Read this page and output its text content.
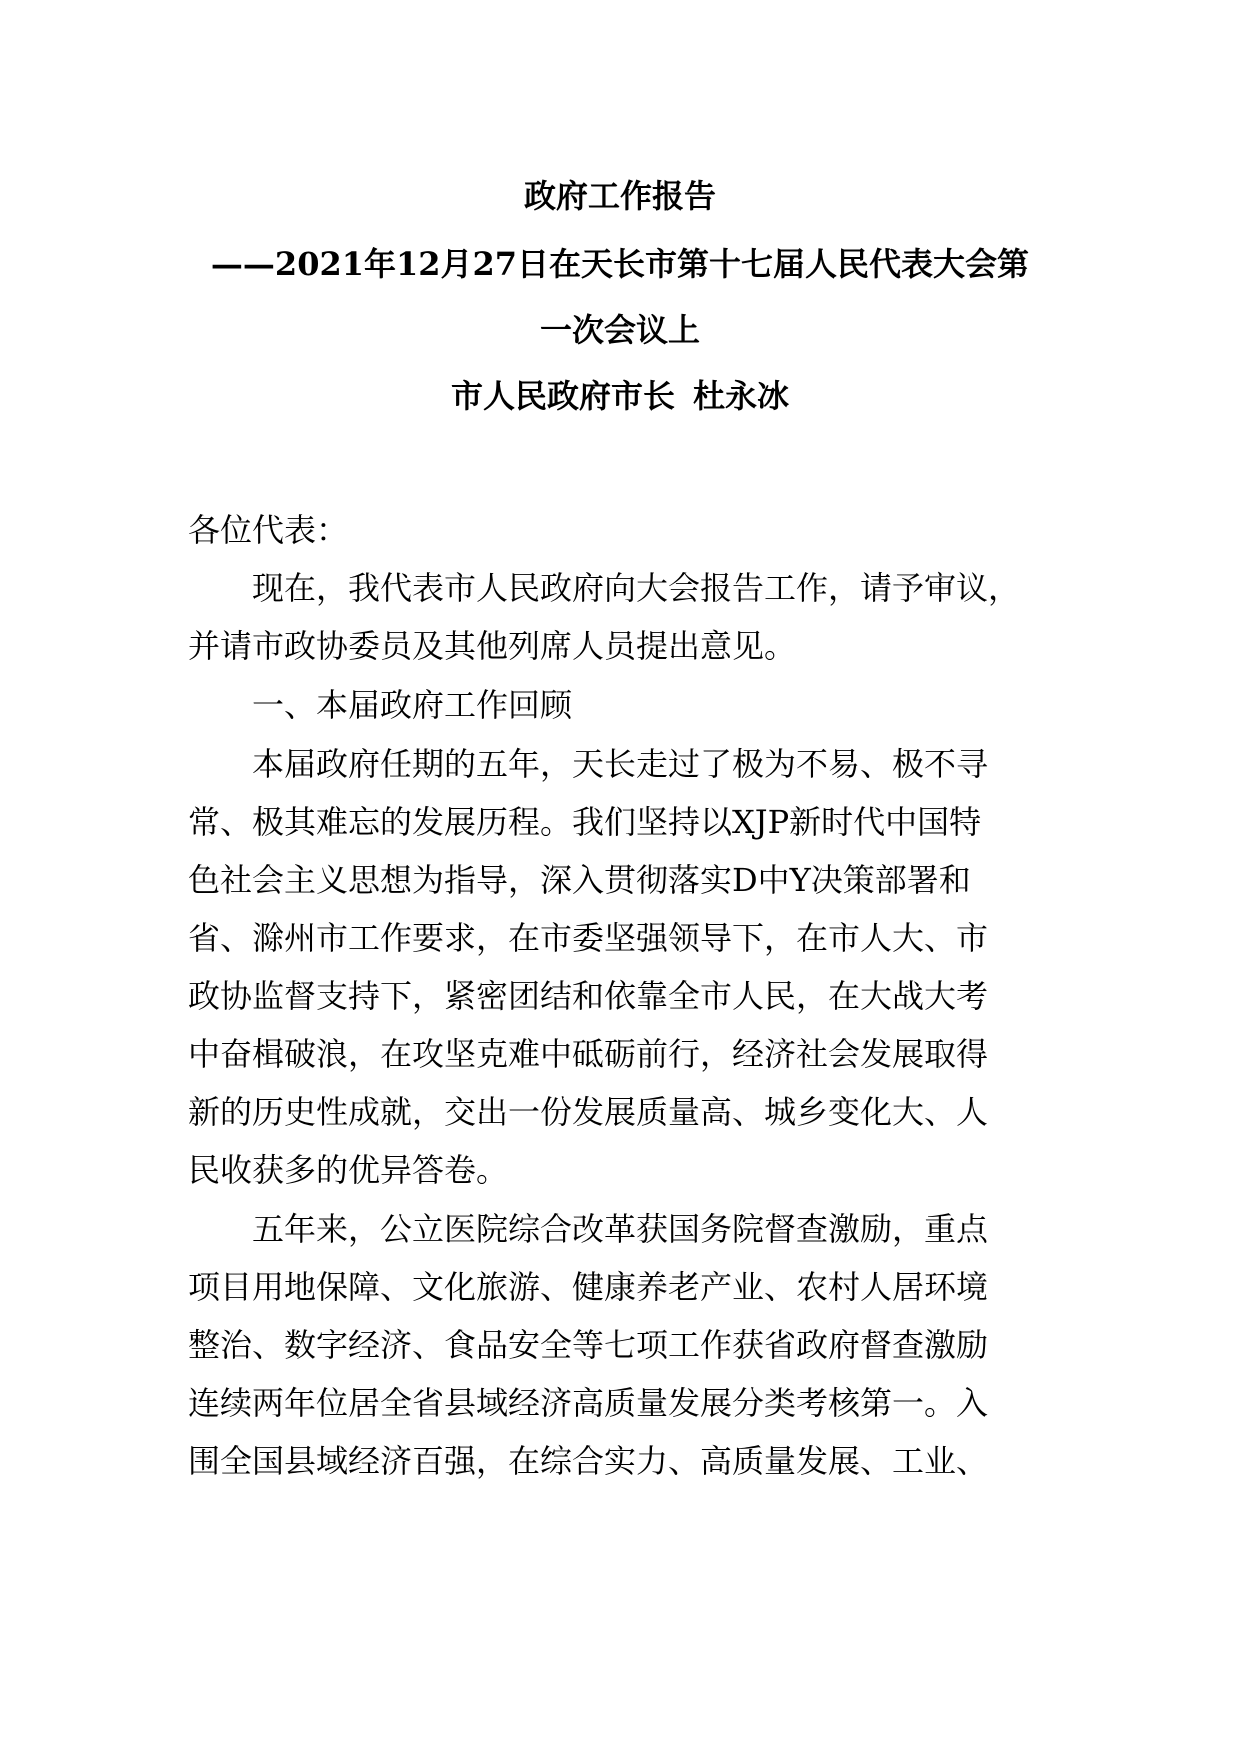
政府工作报告
——2021年12月27日在天长市第十七届人民代表大会第
一次会议上
市人民政府市长 杜永冰
各位代表：
现在，我代表市人民政府向大会报告工作，请予审议，
并请市政协委员及其他列席人员提出意见。
一、本届政府工作回顾
本届政府任期的五年，天长走过了极为不易、极不寻
常、极其难忘的发展历程。我们坚持以XJP新时代中国特
色社会主义思想为指导，深入贯彻落实D中Y决策部署和
省、滁州市工作要求，在市委坚强领导下，在市人大、市
政协监督支持下，紧密团结和依靠全市人民，在大战大考
中奋楫破浪，在攻坚克难中砥砺前行，经济社会发展取得
新的历史性成就，交出一份发展质量高、城乡变化大、人
民收获多的优异答卷。
五年来，公立医院综合改革获国务院督查激励，重点
项目用地保障、文化旅游、健康养老产业、农村人居环境
整治、数字经济、食品安全等七项工作获省政府督查激励
连续两年位居全省县域经济高质量发展分类考核第一。入
围全国县域经济百强，在综合实力、高质量发展、工业、
